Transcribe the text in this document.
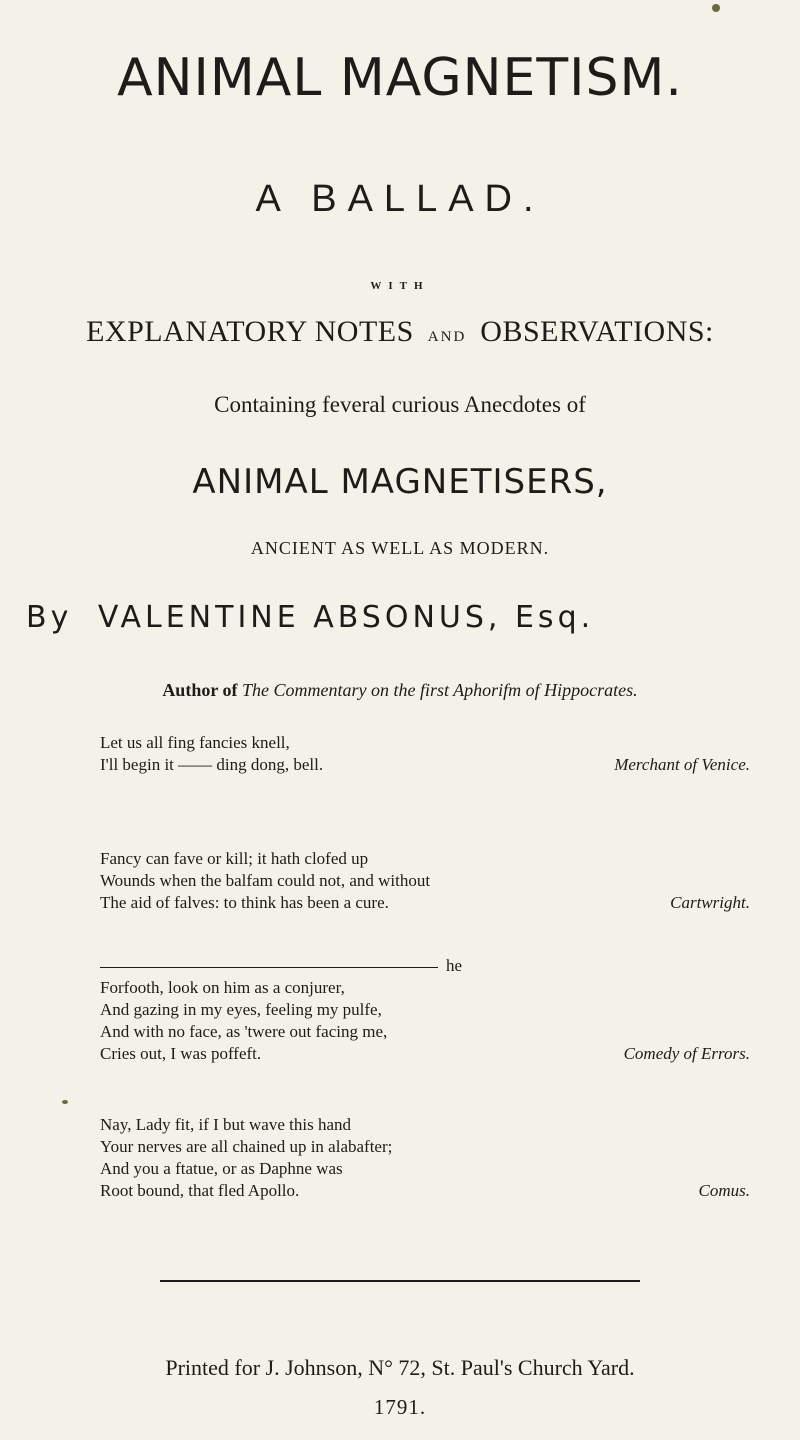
ANIMAL MAGNETISM.
A BALLAD.
WITH
EXPLANATORY NOTES AND OBSERVATIONS:
Containing feveral curious Anecdotes of
ANIMAL MAGNETISERS,
ANCIENT AS WELL AS MODERN.
By VALENTINE ABSONUS, Esq.
Author of The Commentary on the first Aphorifm of Hippocrates.
Let us all fing fancies knell,
I'll begin it —— ding dong, bell.	Merchant of Venice.
Fancy can fave or kill; it hath clofed up
Wounds when the balfam could not, and without
The aid of falves: to think has been a cure.	Cartwright.
he
Forfooth, look on him as a conjurer,
And gazing in my eyes, feeling my pulfe,
And with no face, as 'twere out facing me,
Cries out, I was poffeft.	Comedy of Errors.
Nay, Lady fit, if I but wave this hand
Your nerves are all chained up in alabafter;
And you a ftatue, or as Daphne was
Root bound, that fled Apollo.	Comus.
Printed for J. Johnson, N° 72, St. Paul's Church Yard.
1791.
